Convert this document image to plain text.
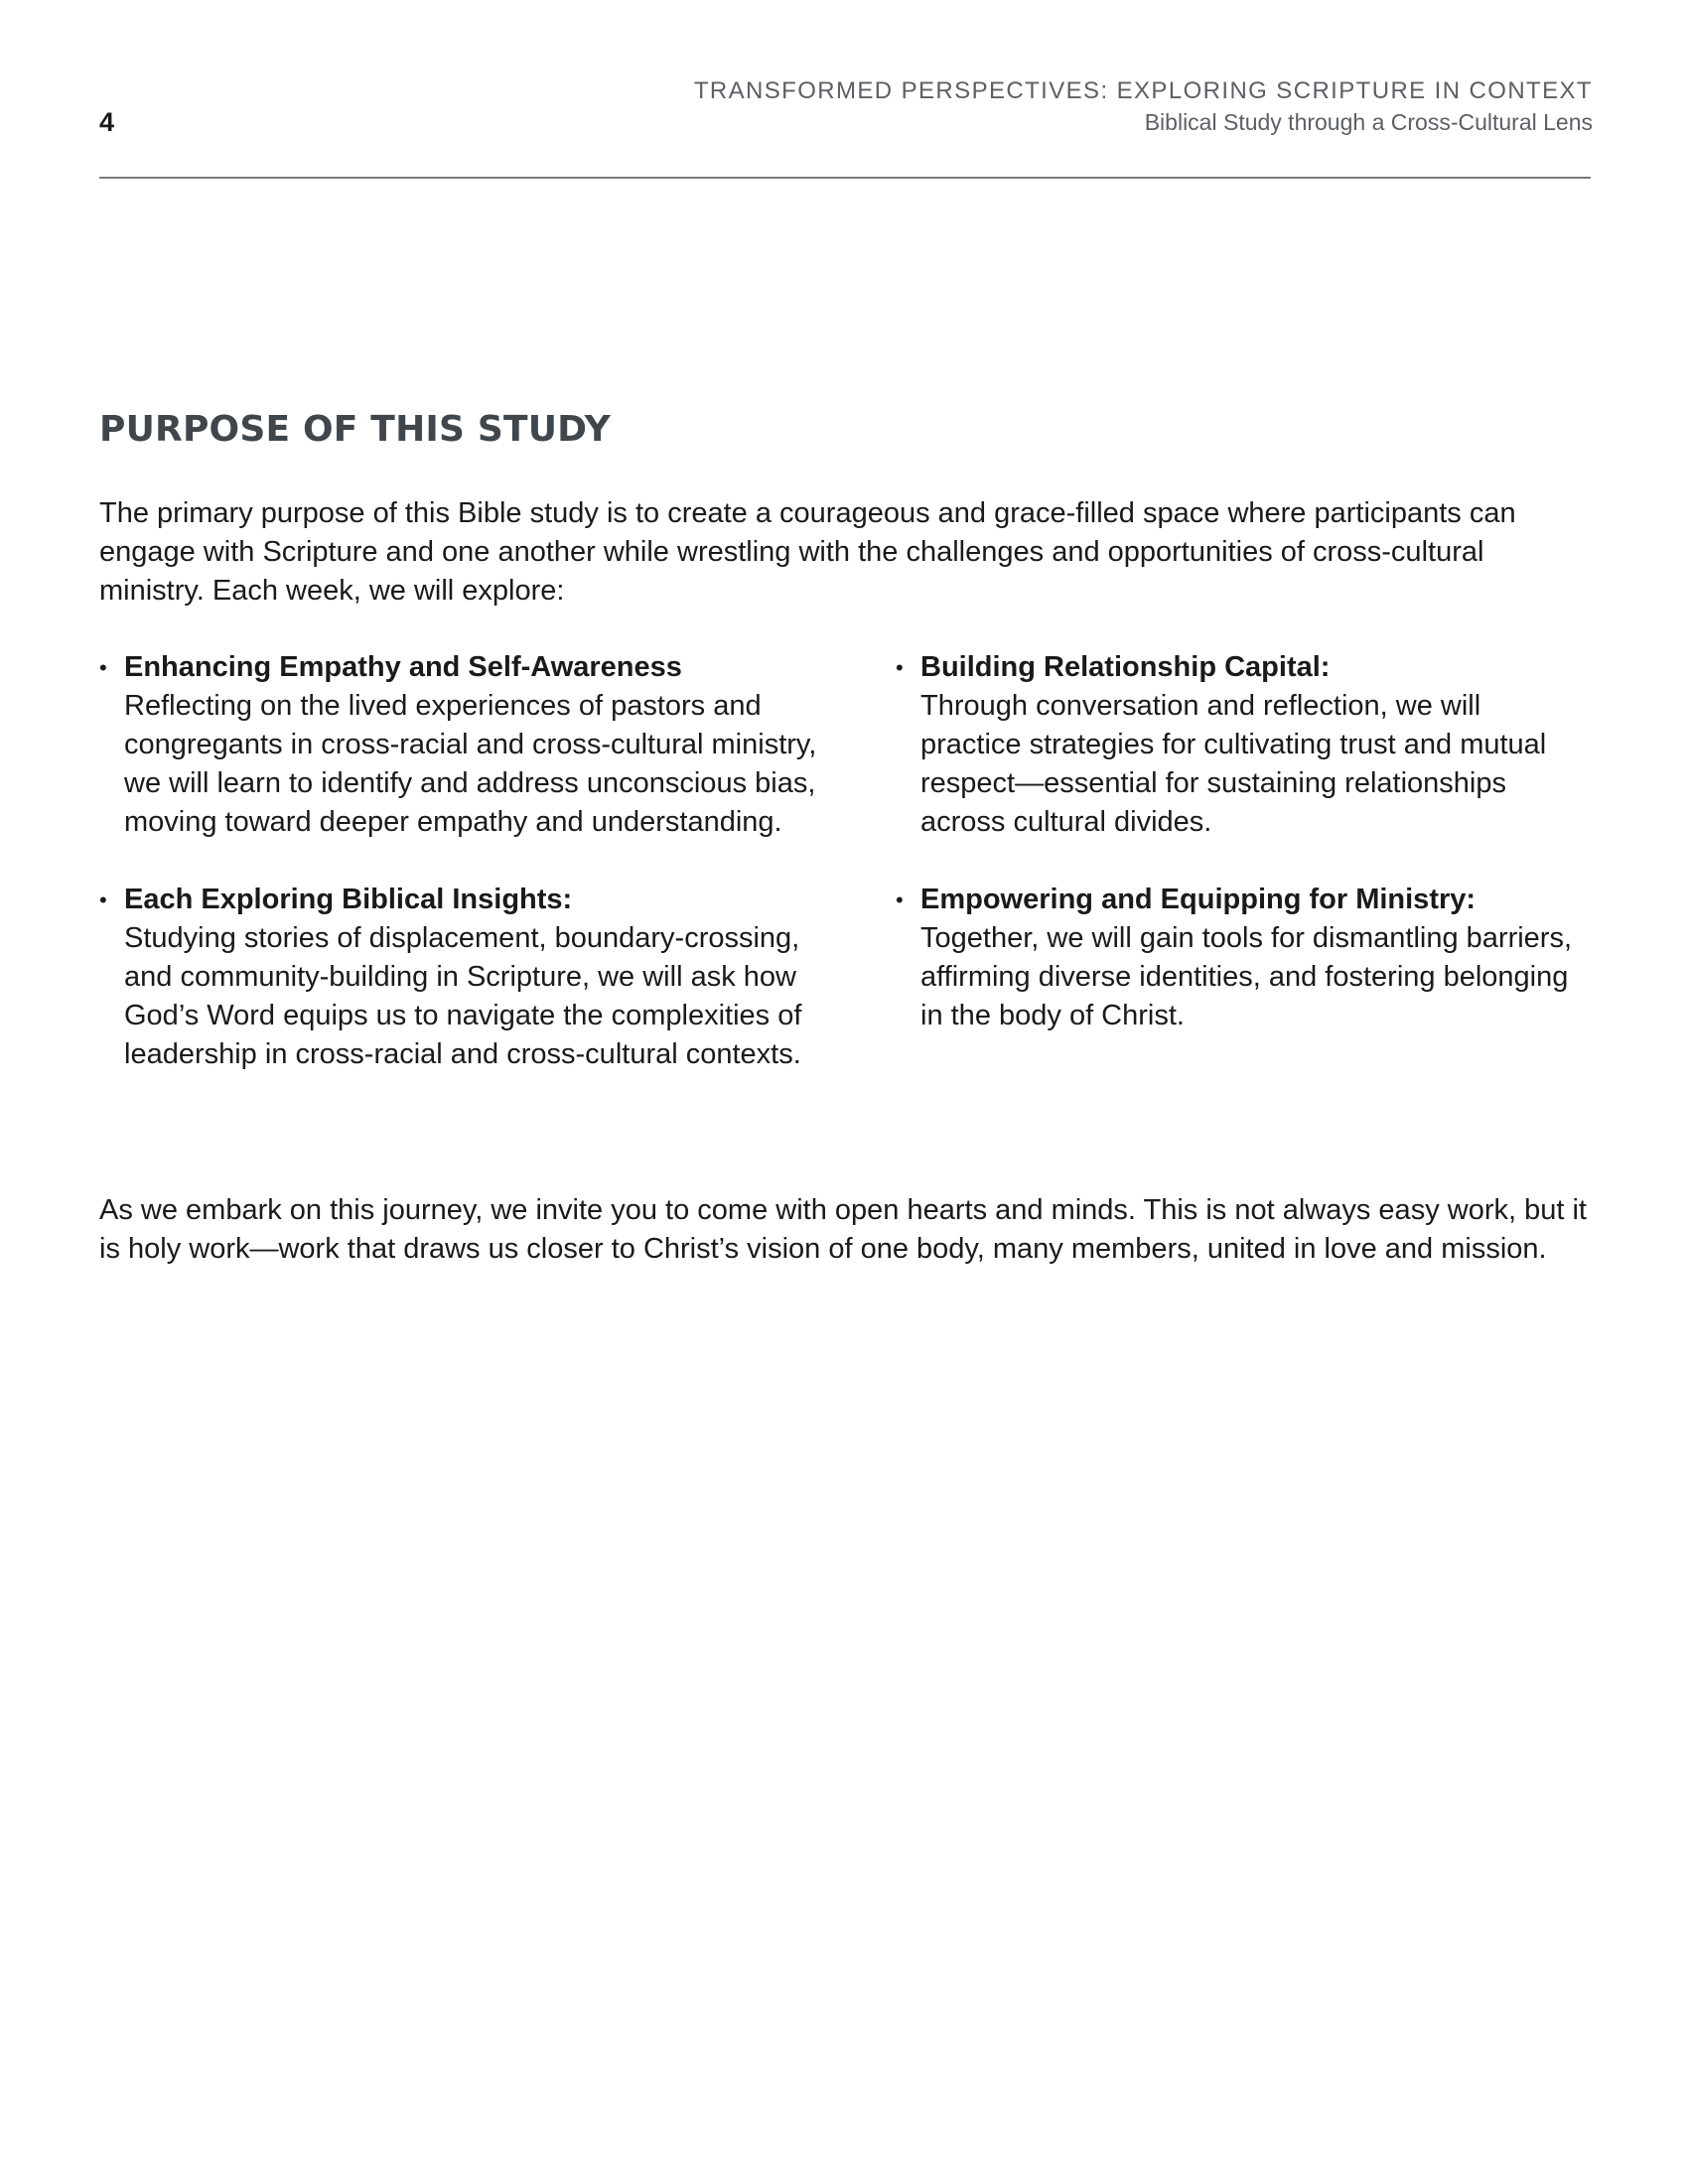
4
TRANSFORMED PERSPECTIVES: EXPLORING SCRIPTURE IN CONTEXT
Biblical Study through a Cross-Cultural Lens
PURPOSE OF THIS STUDY

The primary purpose of this Bible study is to create a courageous and grace-filled space where participants can engage with Scripture and one another while wrestling with the challenges and opportunities of cross-cultural ministry. Each week, we will explore:

• Enhancing Empathy and Self-Awareness
Reflecting on the lived experiences of pastors and congregants in cross-racial and cross-cultural ministry, we will learn to identify and address unconscious bias, moving toward deeper empathy and understanding.
• Each Exploring Biblical Insights:
Studying stories of displacement, boundary-crossing, and community-building in Scripture, we will ask how God’s Word equips us to navigate the complexities of leadership in cross-racial and cross-cultural contexts.
• Building Relationship Capital:
Through conversation and reflection, we will practice strategies for cultivating trust and mutual respect—essential for sustaining relationships across cultural divides.
• Empowering and Equipping for Ministry:
Together, we will gain tools for dismantling barriers, affirming diverse identities, and fostering belonging in the body of Christ.

As we embark on this journey, we invite you to come with open hearts and minds. This is not always easy work, but it is holy work—work that draws us closer to Christ’s vision of one body, many members, united in love and mission.
